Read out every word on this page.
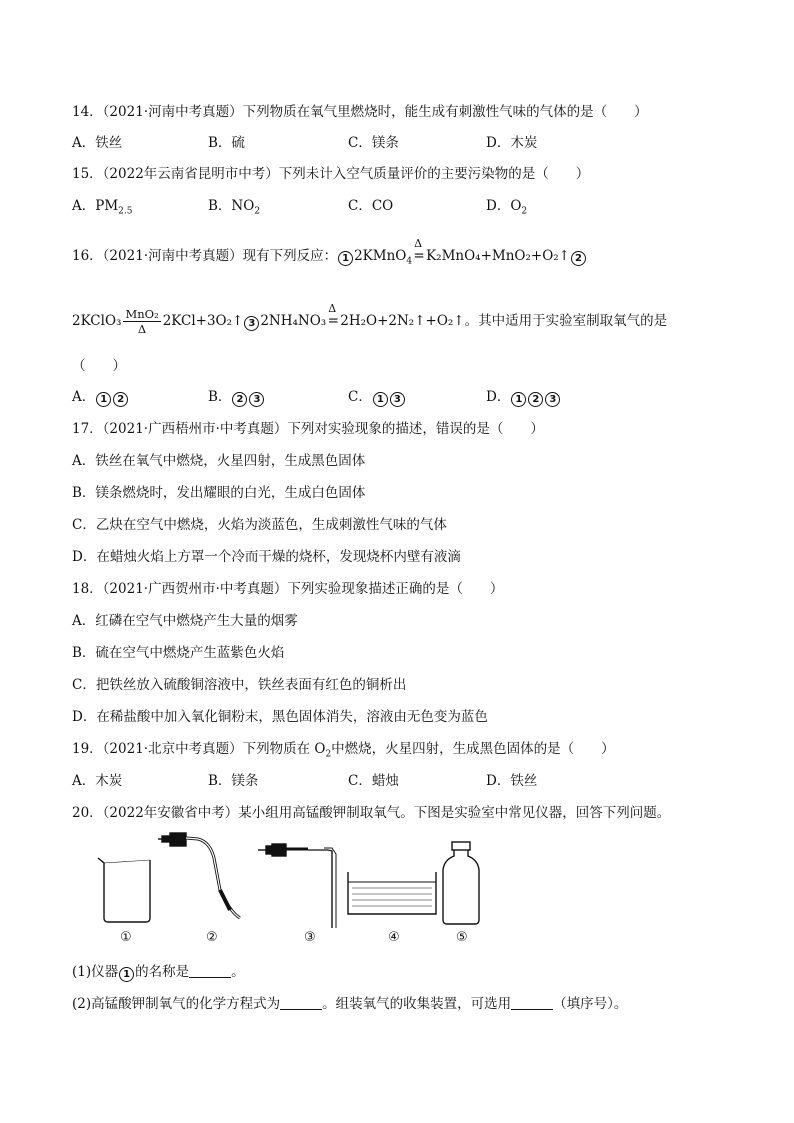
14．（2021·河南中考真题）下列物质在氧气里燃烧时，能生成有刺激性气味的气体的是（　　）
A．铁丝	B．硫	C．镁条	D．木炭
15．（2022年云南省昆明市中考）下列未计入空气质量评价的主要污染物的是（　　）
A．$PM_{2.5}$	B．$NO_2$	C．CO	D．$O_2$
16．（2021·河南中考真题）现有下列反应： 1 2KMnO$_4$
Δ
=K₂MnO₄+MnO₂+O₂↑ 2
2KClO₃ $\frac{\text{MnO₂}}{\Delta}$ 2KCl+3O₂↑ 3 2NH₄NO₃
Δ
=2H₂O+2N₂↑+O₂↑。其中适用于实验室制取氧气的是
（　　）
A． 1 2	B． 2 3	C． 1 3	D． 1 2 3
17．（2021·广西梧州市·中考真题）下列对实验现象的描述，错误的是（　　）
A．铁丝在氧气中燃烧，火星四射，生成黑色固体
B．镁条燃烧时，发出耀眼的白光，生成白色固体
C．乙炔在空气中燃烧，火焰为淡蓝色，生成刺激性气味的气体
D．在蜡烛火焰上方罩一个冷而干燥的烧杯，发现烧杯内壁有液滴
18．（2021·广西贺州市·中考真题）下列实验现象描述正确的是（　　）
A．红磷在空气中燃烧产生大量的烟雾
B．硫在空气中燃烧产生蓝紫色火焰
C．把铁丝放入硫酸铜溶液中，铁丝表面有红色的铜析出
D．在稀盐酸中加入氧化铜粉末，黑色固体消失，溶液由无色变为蓝色
19．（2021·北京中考真题）下列物质在 $O_2$中燃烧，火星四射，生成黑色固体的是（　　）
A．木炭	B．镁条	C．蜡烛	D．铁丝
20．（2022年安徽省中考）某小组用高锰酸钾制取氧气。下图是实验室中常见仪器，回答下列问题。
①	②	③	④	⑤
(1)仪器 1 的名称是	。
(2)高锰酸钾制氧气的化学方程式为	。组装氧气的收集装置，可选用	（填序号）。
